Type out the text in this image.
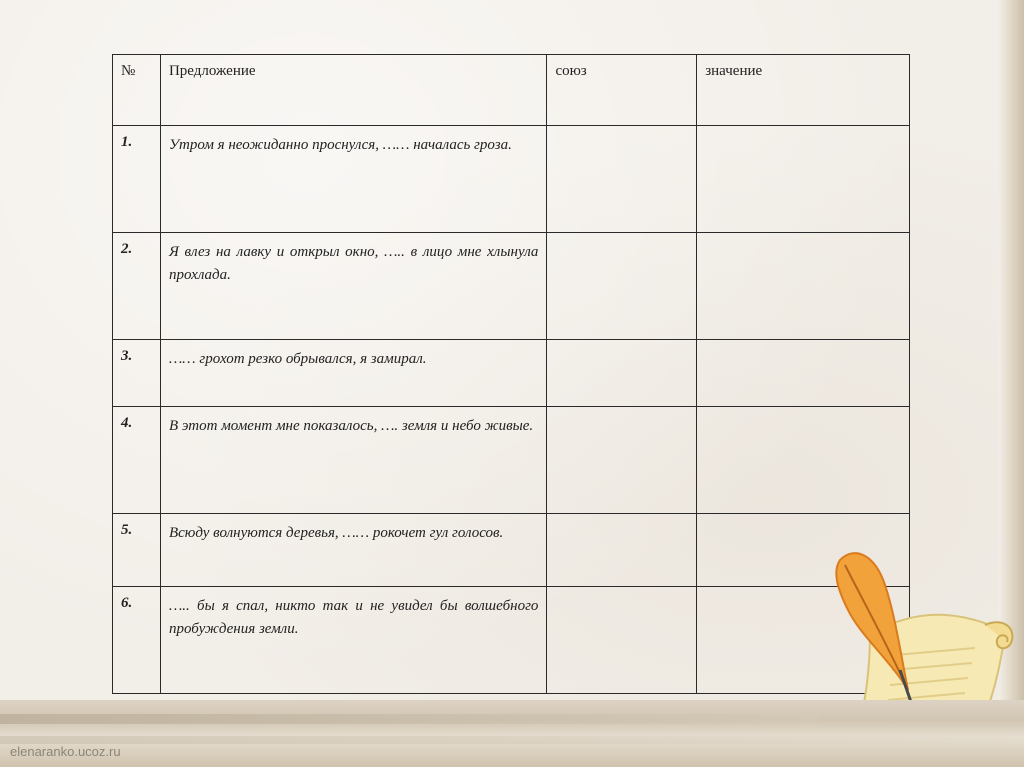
№	Предложение	союз	значение
1.	Утром я неожиданно проснулся, …… началась гроза.		
2.	Я влез на лавку и открыл окно, ….. в лицо мне хлынула прохлада.		
3.	…… грохот резко обрывался, я замирал.		
4.	В этот момент мне показалось, …. земля и небо живые.		
5.	Всюду волнуются деревья, …… рокочет гул голосов.		
6.	….. бы я спал, никто так и не увидел бы волшебного пробуждения земли.		
elenaranko.ucoz.ru
